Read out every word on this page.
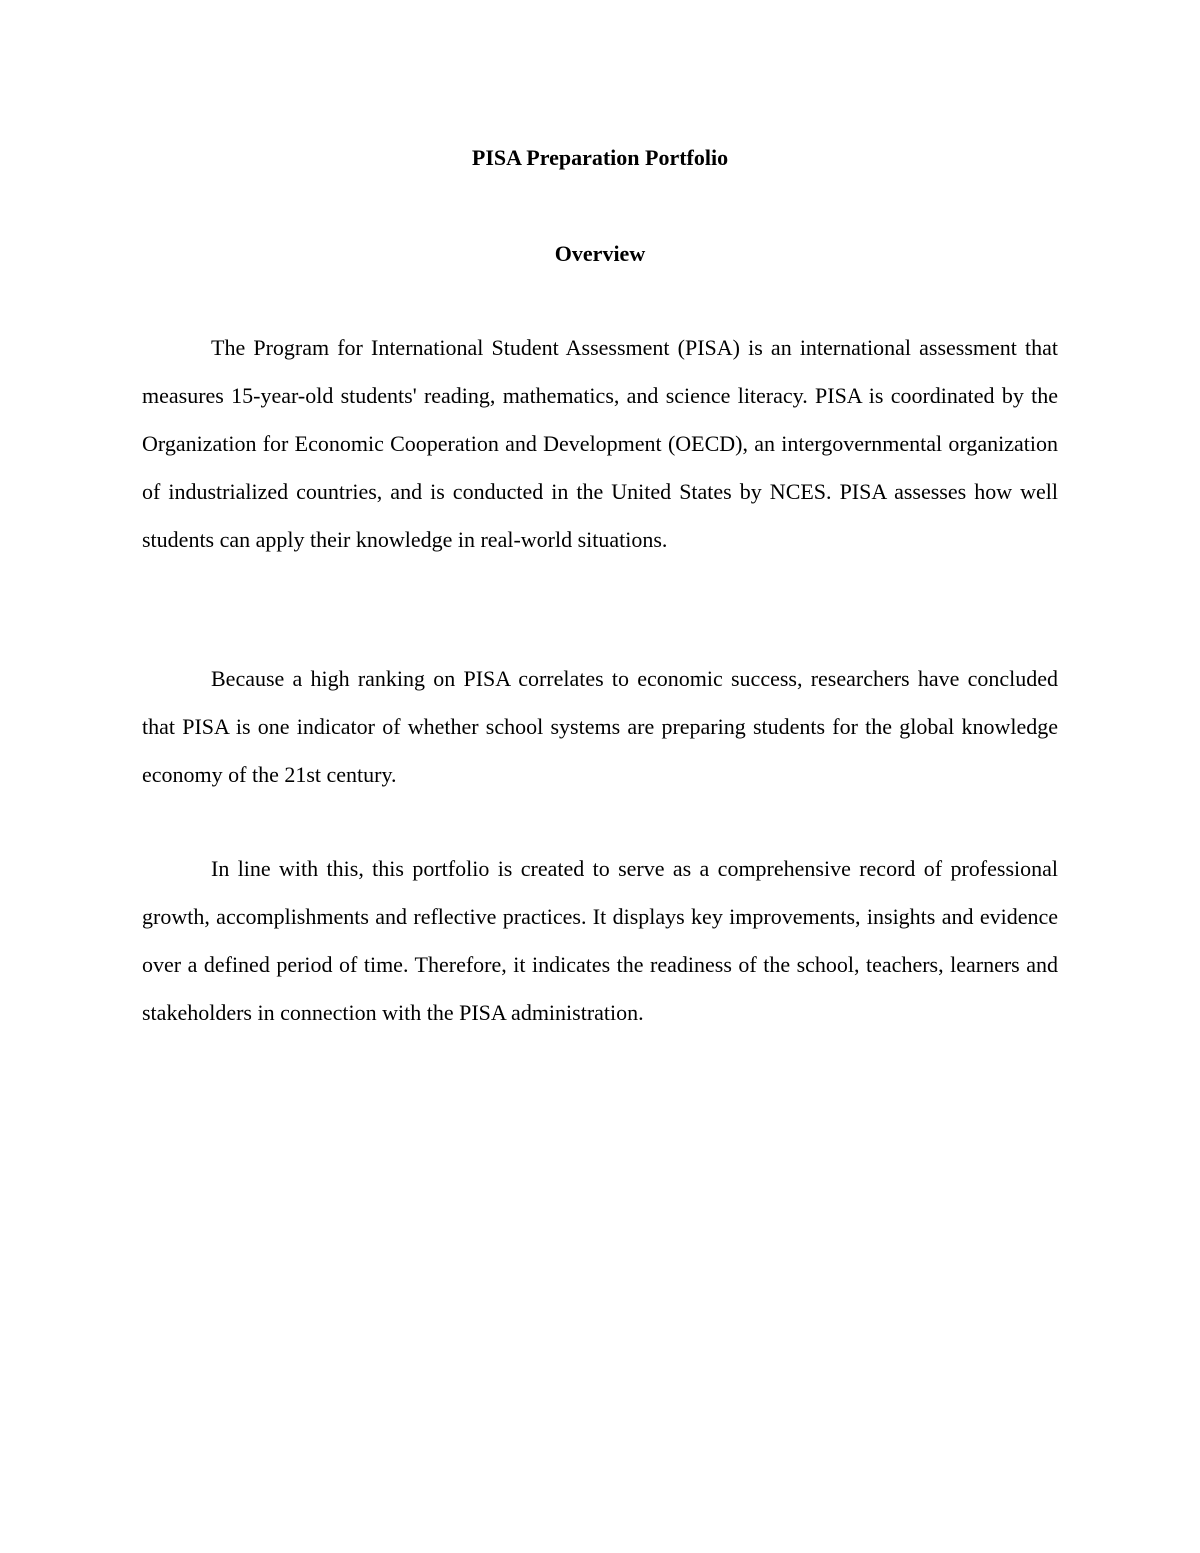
PISA Preparation Portfolio
Overview

The Program for International Student Assessment (PISA) is an international assessment that measures 15-year-old students' reading, mathematics, and science literacy. PISA is coordinated by the Organization for Economic Cooperation and Development (OECD), an intergovernmental organization of industrialized countries, and is conducted in the United States by NCES. PISA assesses how well students can apply their knowledge in real-world situations.

Because a high ranking on PISA correlates to economic success, researchers have concluded that PISA is one indicator of whether school systems are preparing students for the global knowledge economy of the 21st century.

In line with this, this portfolio is created to serve as a comprehensive record of professional growth, accomplishments and reflective practices. It displays key improvements, insights and evidence over a defined period of time. Therefore, it indicates the readiness of the school, teachers, learners and stakeholders in connection with the PISA administration.
